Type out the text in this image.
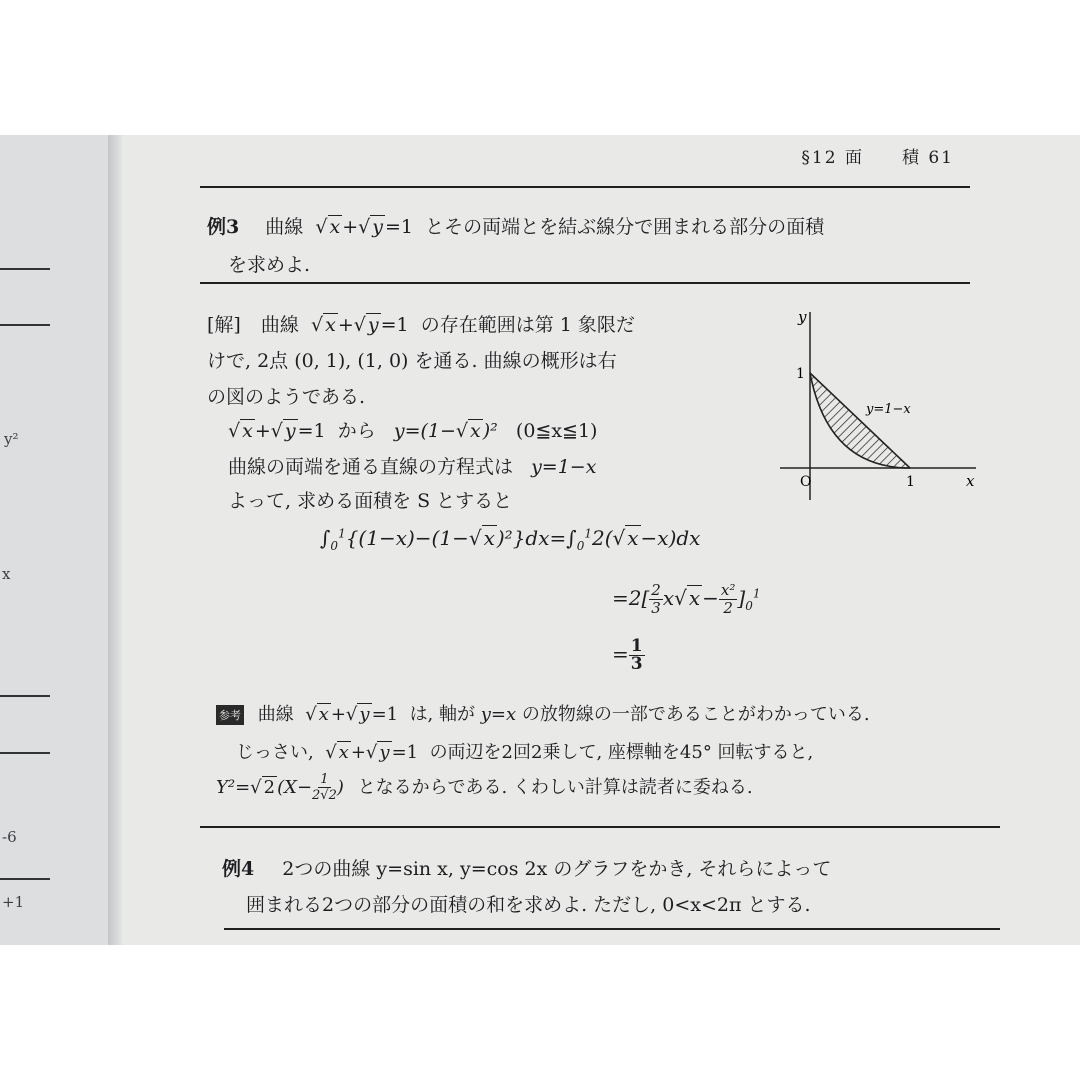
y²
x
-6
+1
§12 面　　積 61
例3 曲線  √ x +√ y =1  とその両端とを結ぶ線分で囲まれる部分の面積
を求めよ.
[解] 曲線  √ x +√ y =1  の存在範囲は第 1 象限だ
けで, 2点 (0, 1), (1, 0) を通る. 曲線の概形は右
の図のようである.
√ x +√ y =1  から   y=(1−√ x )²   (0≦x≦1)
曲線の両端を通る直線の方程式は y=1−x
よって, 求める面積を S とすると
$\int_0^1\{(1-x)-(1-√$ x )$^2\}dx=\int_0^12(√$ x −x)dx
$=2[ \frac{2}{3} x√$ $x - \frac{\text{x²}}{2} ]_0^1$
= $\frac{1}{3}$
y
1
O	1	x
y=1−x
参考 曲線  √ x +√ y =1  は, 軸が y=x の放物線の一部であることがわかっている.
じっさい,  √ x +√ y =1  の両辺を2回2乗して, 座標軸を45° 回転すると,
Y²=√ 2 ($X- \frac{1}{2√2}$ ) となるからである. くわしい計算は読者に委ねる.
例4 2つの曲線 y=sin x, y=cos 2x のグラフをかき, それらによって
囲まれる2つの部分の面積の和を求めよ. ただし, 0<x<2π とする.
